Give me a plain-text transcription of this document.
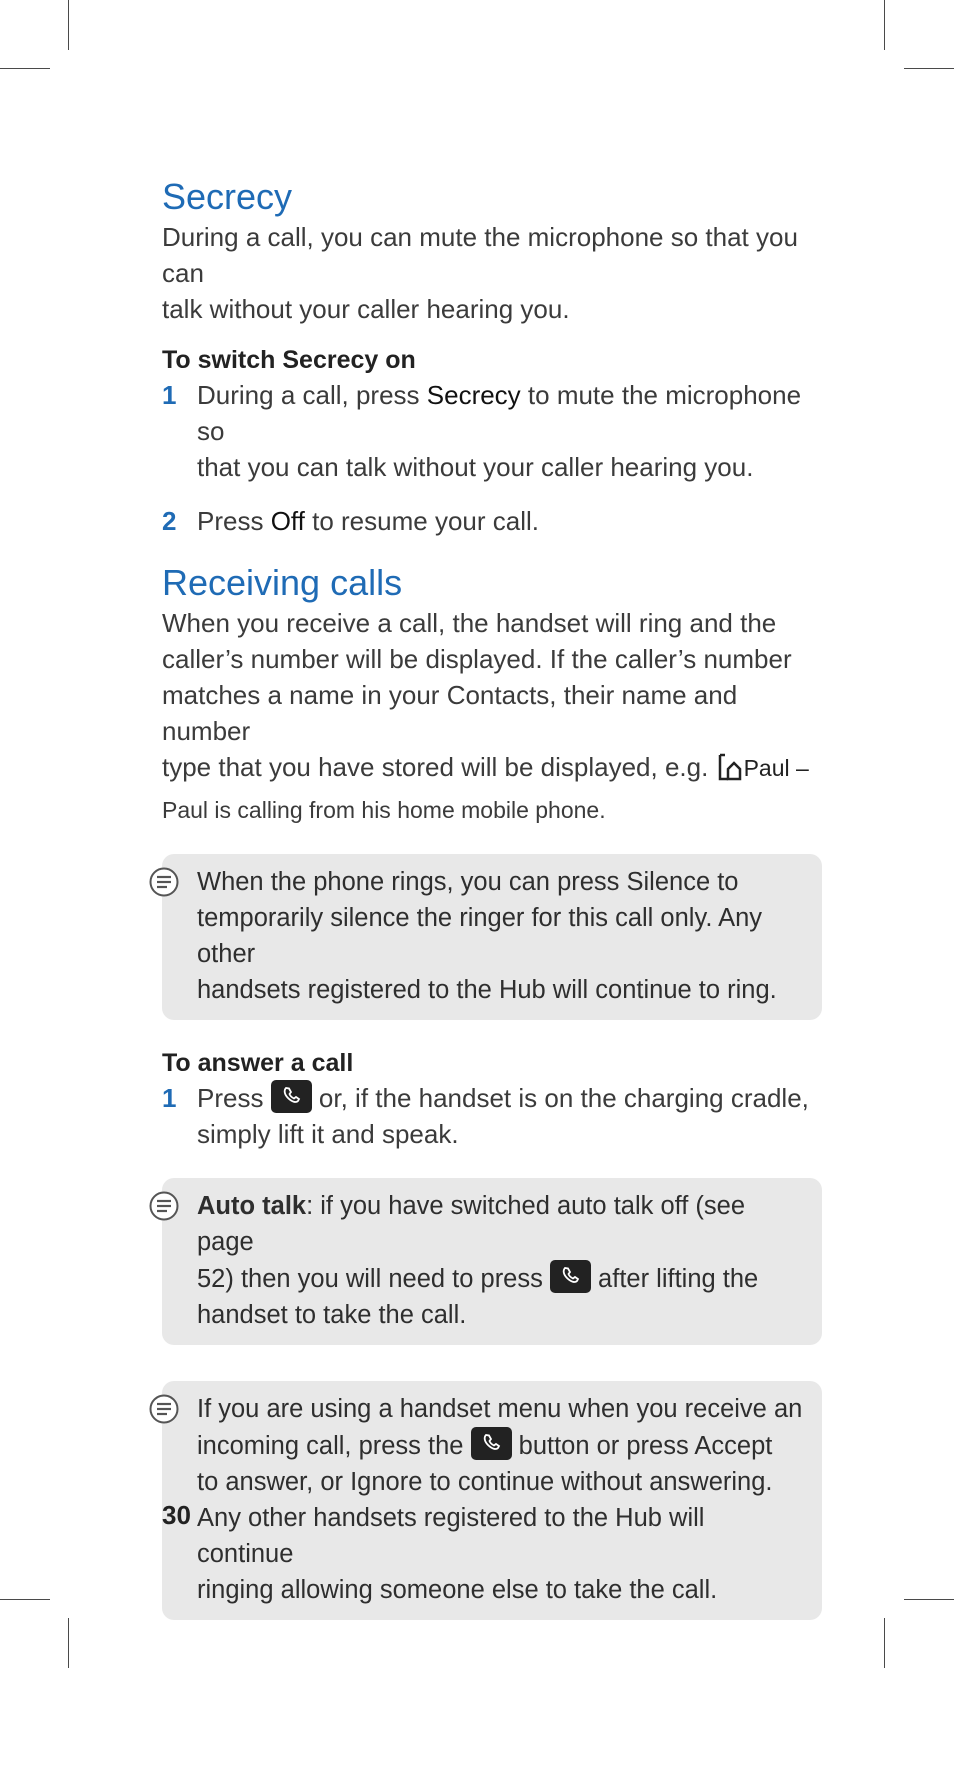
Secrecy

During a call, you can mute the microphone so that you can
talk without your caller hearing you.

To switch Secrecy on

1 During a call, press Secrecy to mute the microphone so
that you can talk without your caller hearing you.
2 Press Off to resume your call.
Receiving calls

When you receive a call, the handset will ring and the
caller’s number will be displayed. If the caller’s number
matches a name in your Contacts, their name and number
type that you have stored will be displayed, e.g. Paul –
Paul is calling from his home mobile phone.

When the phone rings, you can press Silence to
temporarily silence the ringer for this call only. Any other
handsets registered to the Hub will continue to ring.

To answer a call

1 Press
or, if the handset is on the charging cradle,
simply lift it and speak.
Auto talk: if you have switched auto talk off (see page
52) then you will need to press
after lifting the
handset to take the call.
If you are using a handset menu when you receive an
incoming call, press the
button or press Accept
to answer, or Ignore to continue without answering.
Any other handsets registered to the Hub will continue
ringing allowing someone else to take the call.
30
